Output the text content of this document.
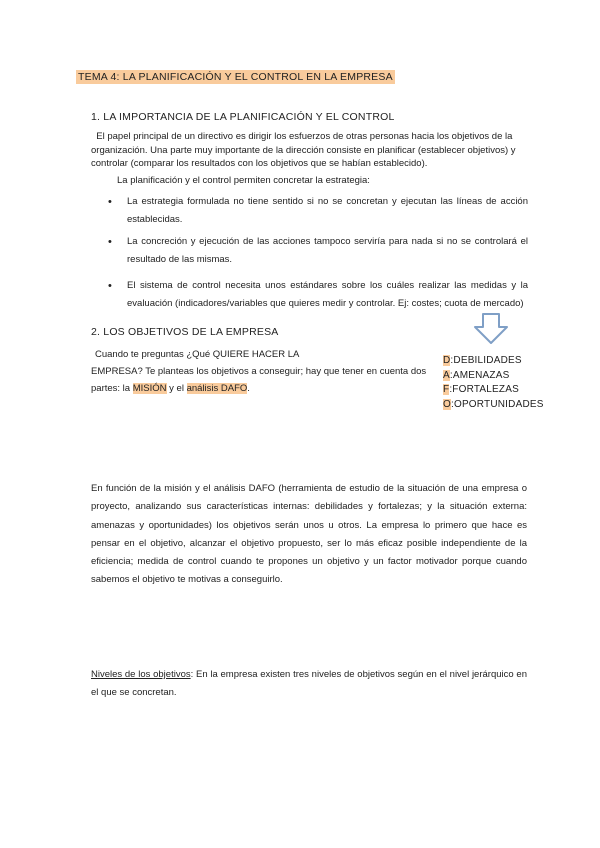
TEMA 4: LA PLANIFICACIÓN Y EL CONTROL EN LA EMPRESA
1. LA IMPORTANCIA DE LA PLANIFICACIÓN Y EL CONTROL
El papel principal de un directivo es dirigir los esfuerzos de otras personas hacia los objetivos de la organización. Una parte muy importante de la dirección consiste en planificar (establecer objetivos) y controlar (comparar los resultados con los objetivos que se habían establecido).
La planificación y el control permiten concretar la estrategia:
• La estrategia formulada no tiene sentido si no se concretan y ejecutan las líneas de acción establecidas.
• La concreción y ejecución de las acciones tampoco serviría para nada si no se controlará el resultado de las mismas.
• El sistema de control necesita unos estándares sobre los cuáles realizar las medidas y la evaluación (indicadores/variables que quieres medir y controlar. Ej: costes; cuota de mercado)
2. LOS OBJETIVOS DE LA EMPRESA
D:DEBILIDADES
A:AMENAZAS
F:FORTALEZAS
O:OPORTUNIDADES
Cuando te preguntas ¿Qué QUIERE HACER LA
EMPRESA? Te planteas los objetivos a conseguir; hay que tener en cuenta dos partes: la MISIÓN y el análisis DAFO.
En función de la misión y el análisis DAFO (herramienta de estudio de la situación de una empresa o proyecto, analizando sus características internas: debilidades y fortalezas; y la situación externa: amenazas y oportunidades) los objetivos serán unos u otros. La empresa lo primero que hace es pensar en el objetivo, alcanzar el objetivo propuesto, ser lo más eficaz posible independiente de la eficiencia; medida de control cuando te propones un objetivo y un factor motivador porque cuando sabemos el objetivo te motivas a conseguirlo.
Niveles de los objetivos: En la empresa existen tres niveles de objetivos según en el nivel jerárquico en el que se concretan.
